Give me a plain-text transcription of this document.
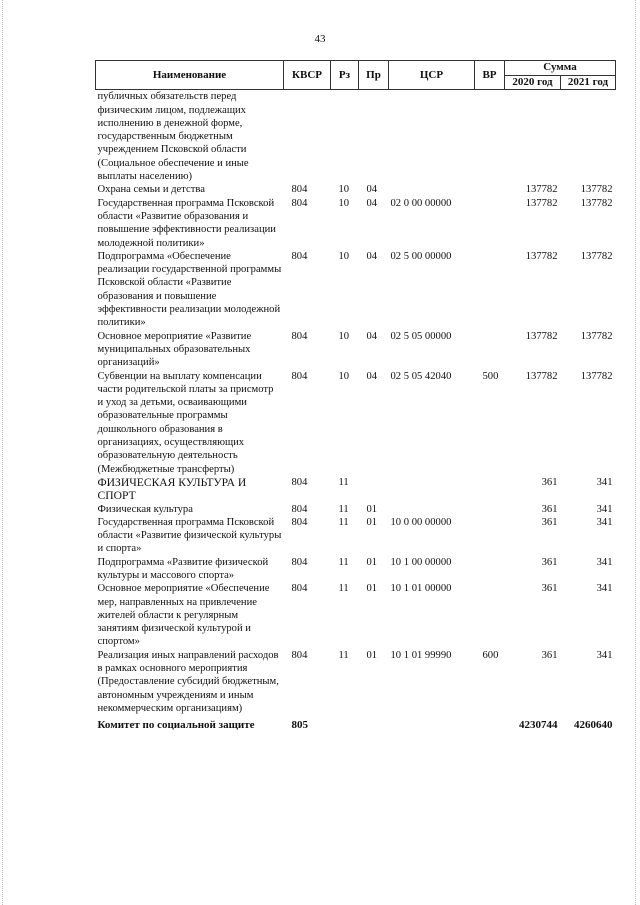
43
Наименование	КВСР	Рз	Пр	ЦСР	ВР	Сумма	
						2020 год	2021 год
публичных обязательств перед физическим лицом, подлежащих исполнению в денежной форме, государственным бюджетным учреждением Псковской области (Социальное обеспечение и иные выплаты населению)							
Охрана семьи и детства	804	10	04			137782	137782
Государственная программа Псковской области «Развитие образования и повышение эффективности реализации молодежной политики»	804	10	04	02 0 00 00000		137782	137782
Подпрограмма «Обеспечение реализации государственной программы Псковской области «Развитие образования и повышение эффективности реализации молодежной политики»	804	10	04	02 5 00 00000		137782	137782
Основное мероприятие «Развитие муниципальных образовательных организаций»	804	10	04	02 5 05 00000		137782	137782
Субвенции на выплату компенсации части родительской платы за присмотр и уход за детьми, осваивающими образовательные программы дошкольного образования в организациях, осуществляющих образовательную деятельность (Межбюджетные трансферты)	804	10	04	02 5 05 42040	500	137782	137782
ФИЗИЧЕСКАЯ КУЛЬТУРА И СПОРТ	804	11				361	341
Физическая культура	804	11	01			361	341
Государственная программа Псковской области «Развитие физической культуры и спорта»	804	11	01	10 0 00 00000		361	341
Подпрограмма «Развитие физической культуры и массового спорта»	804	11	01	10 1 00 00000		361	341
Основное мероприятие «Обеспечение мер, направленных на привлечение жителей области к регулярным занятиям физической культурой и спортом»	804	11	01	10 1 01 00000		361	341
Реализация иных направлений расходов в рамках основного мероприятия (Предоставление субсидий бюджетным, автономным учреждениям и иным некоммерческим организациям)	804	11	01	10 1 01 99990	600	361	341
Комитет по социальной защите	805					4230744	4260640
